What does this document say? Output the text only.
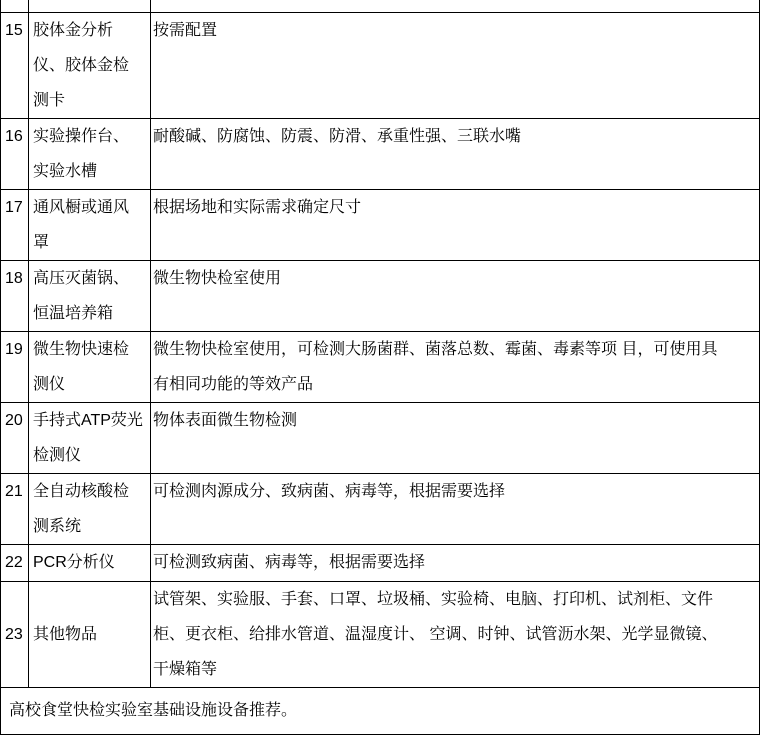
15	胶体金分析仪、胶体金检测卡	按需配置
16	实验操作台、实验水槽	耐酸碱、防腐蚀、防震、防滑、承重性强、三联水嘴
17	通风橱或通风罩	根据场地和实际需求确定尺寸
18	高压灭菌锅、恒温培养箱	微生物快检室使用
19	微生物快速检测仪	微生物快检室使用，可检测大肠菌群、菌落总数、霉菌、毒素等项 目，可使用具有相同功能的等效产品
20	手持式ATP荧光检测仪	物体表面微生物检测
21	全自动核酸检测系统	可检测肉源成分、致病菌、病毒等，根据需要选择
22	PCR分析仪	可检测致病菌、病毒等，根据需要选择
23	其他物品	试管架、实验服、手套、口罩、垃圾桶、实验椅、电脑、打印机、试剂柜、文件柜、更衣柜、给排水管道、温湿度计、 空调、时钟、试管沥水架、光学显微镜、干燥箱等
高校食堂快检实验室基础设施设备推荐。		
